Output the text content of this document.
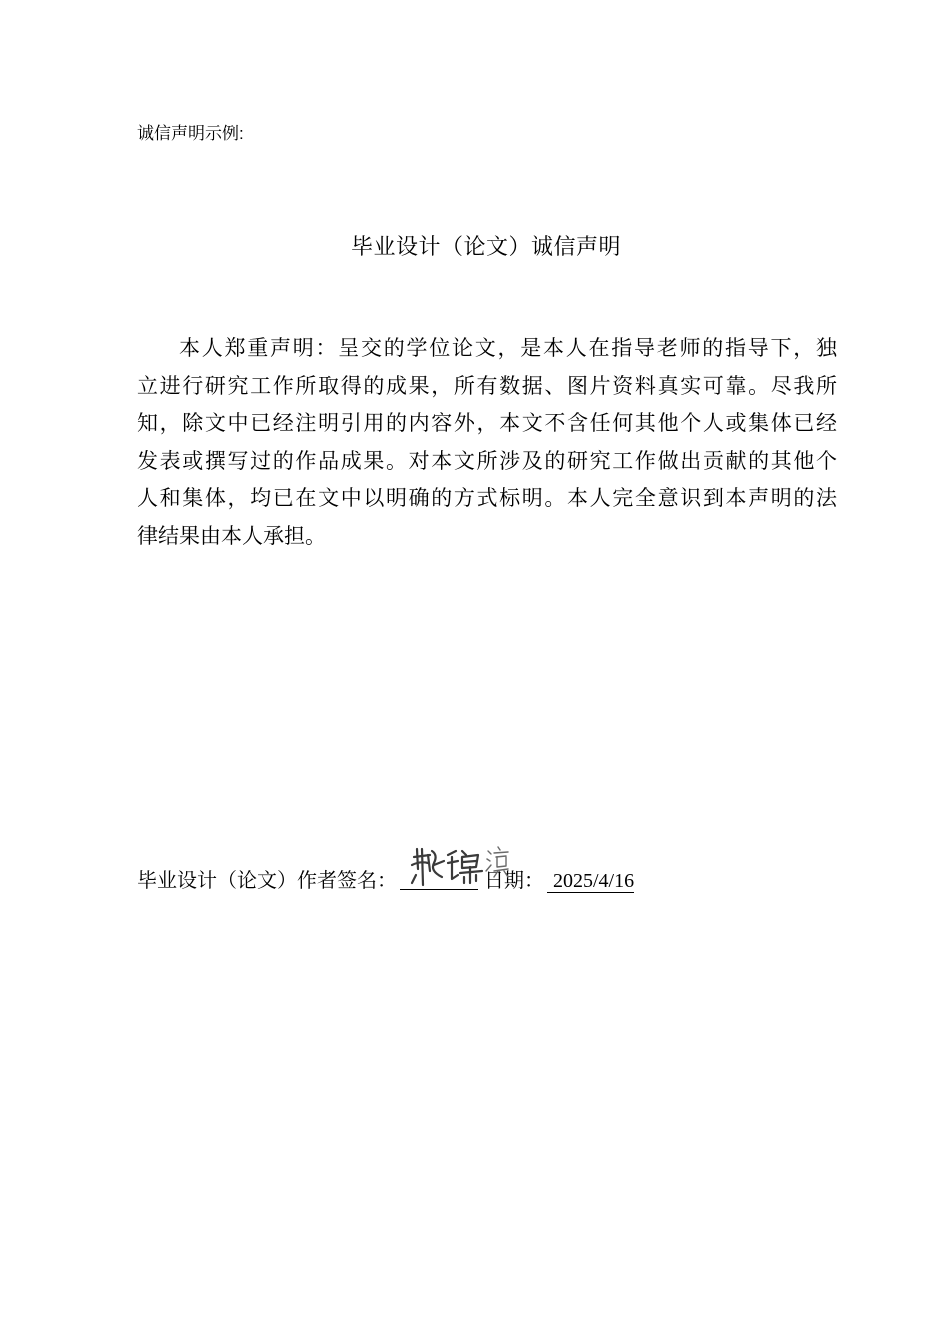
诚信声明示例:
毕业设计（论文）诚信声明
本人郑重声明：呈交的学位论文，是本人在指导老师的指导下，独
立进行研究工作所取得的成果，所有数据、图片资料真实可靠。尽我所
知，除文中已经注明引用的内容外，本文不含任何其他个人或集体已经
发表或撰写过的作品成果。对本文所涉及的研究工作做出贡献的其他个
人和集体，均已在文中以明确的方式标明。本人完全意识到本声明的法
律结果由本人承担。
毕业设计（论文）作者签名：	日期： 2025/4/16
